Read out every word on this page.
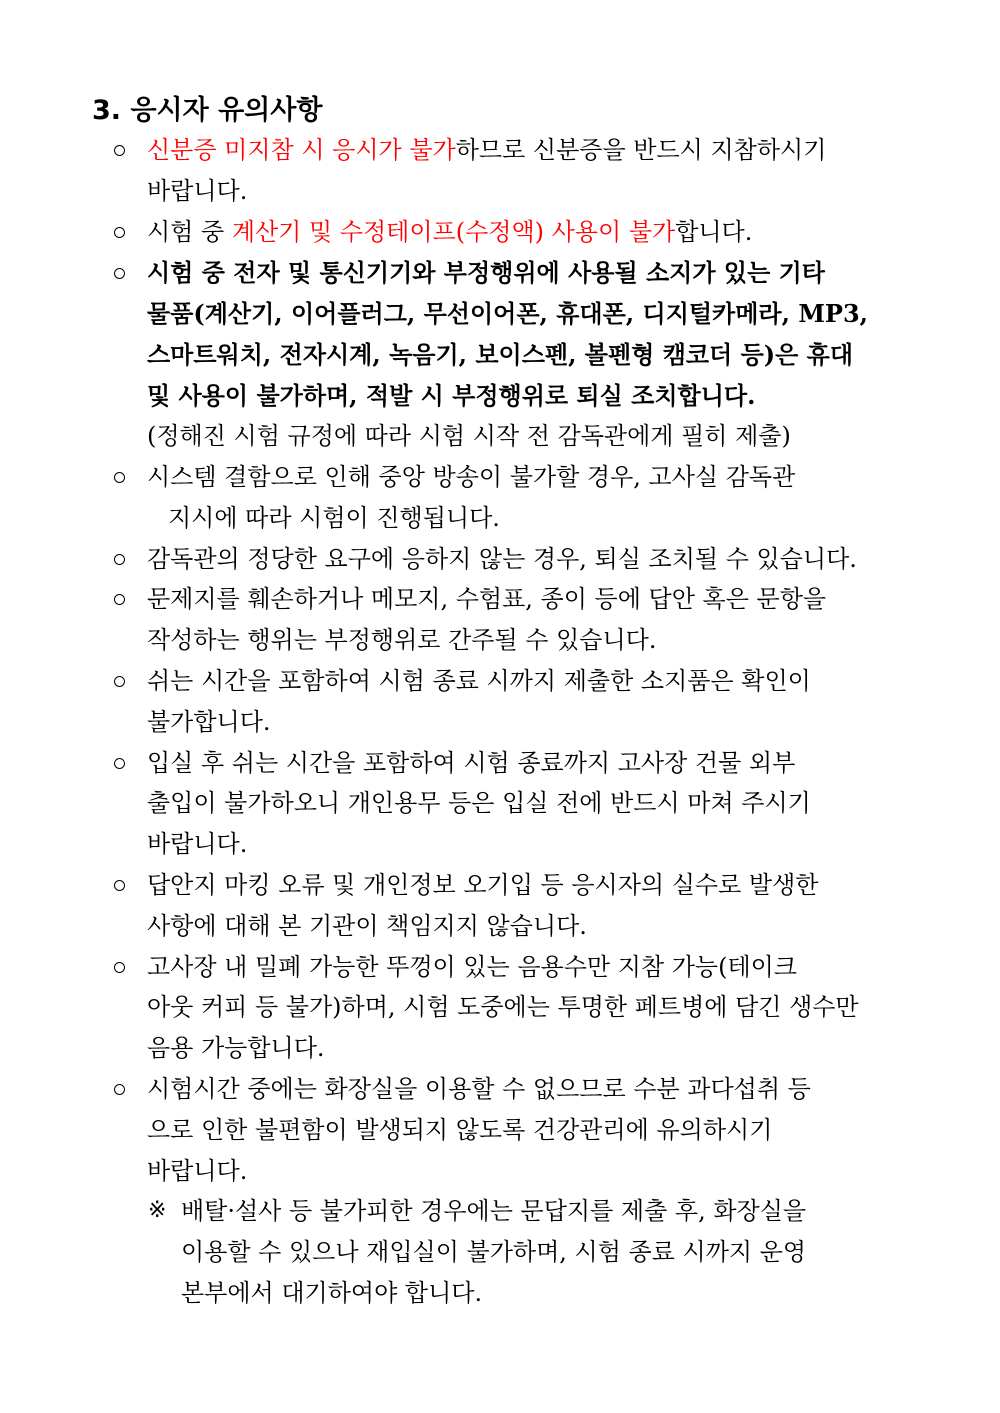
3. 응시자 유의사항

신분증 미지참 시 응시가 불가하므로 신분증을 반드시 지참하시기

바랍니다.

시험 중 계산기 및 수정테이프(수정액) 사용이 불가합니다.

시험 중 전자 및 통신기기와 부정행위에 사용될 소지가 있는 기타

물품(계산기, 이어플러그, 무선이어폰, 휴대폰, 디지털카메라, MP3,

스마트워치, 전자시계, 녹음기, 보이스펜, 볼펜형 캠코더 등)은 휴대

및 사용이 불가하며, 적발 시 부정행위로 퇴실 조치합니다.

(정해진 시험 규정에 따라 시험 시작 전 감독관에게 필히 제출)

시스템 결함으로 인해 중앙 방송이 불가할 경우, 고사실 감독관

지시에 따라 시험이 진행됩니다.

감독관의 정당한 요구에 응하지 않는 경우, 퇴실 조치될 수 있습니다.

문제지를 훼손하거나 메모지, 수험표, 종이 등에 답안 혹은 문항을

작성하는 행위는 부정행위로 간주될 수 있습니다.

쉬는 시간을 포함하여 시험 종료 시까지 제출한 소지품은 확인이

불가합니다.

입실 후 쉬는 시간을 포함하여 시험 종료까지 고사장 건물 외부

출입이 불가하오니 개인용무 등은 입실 전에 반드시 마쳐 주시기

바랍니다.

답안지 마킹 오류 및 개인정보 오기입 등 응시자의 실수로 발생한

사항에 대해 본 기관이 책임지지 않습니다.

고사장 내 밀폐 가능한 뚜껑이 있는 음용수만 지참 가능(테이크

아웃 커피 등 불가)하며, 시험 도중에는 투명한 페트병에 담긴 생수만

음용 가능합니다.

시험시간 중에는 화장실을 이용할 수 없으므로 수분 과다섭취 등

으로 인한 불편함이 발생되지 않도록 건강관리에 유의하시기

바랍니다.

※ 배탈·설사 등 불가피한 경우에는 문답지를 제출 후, 화장실을

이용할 수 있으나 재입실이 불가하며, 시험 종료 시까지 운영

본부에서 대기하여야 합니다.
